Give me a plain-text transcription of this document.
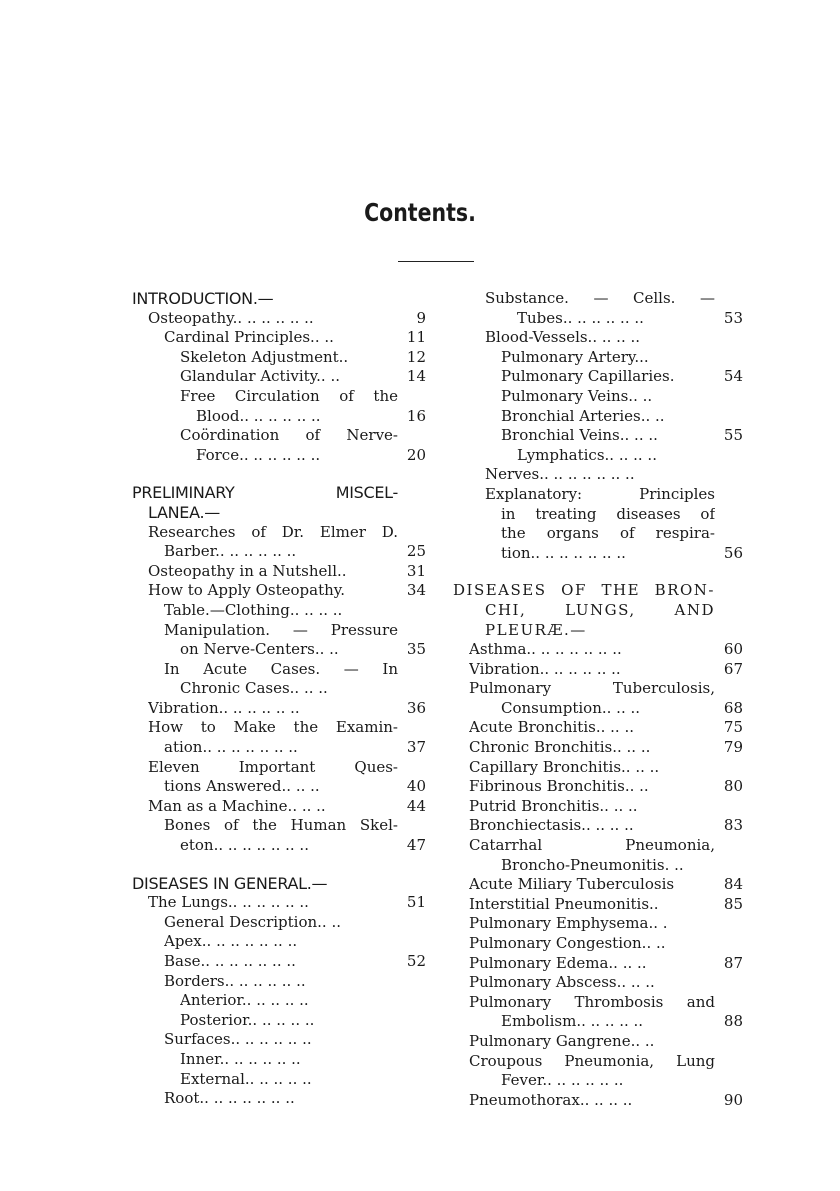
Contents.
INTRODUCTION.—
Osteopathy.. .. .. .. .. ..	9
Cardinal Principles.. ..	11
Skeleton Adjustment..	12
Glandular Activity.. ..	14
Free Circulation of the
Blood.. .. .. .. .. ..	16
Coördination of Nerve-
Force.. .. .. .. .. ..	20
PRELIMINARY MISCEL-
LANEA.—
Researches of Dr. Elmer D.
Barber.. .. .. .. .. ..	25
Osteopathy in a Nutshell..	31
How to Apply Osteopathy.	34
Table.—Clothing.. .. .. ..
Manipulation. — Pressure
on Nerve-Centers.. ..	35
In Acute Cases. — In
Chronic Cases.. .. ..
Vibration.. .. .. .. .. ..	36
How to Make the Examin-
ation.. .. .. .. .. .. ..	37
Eleven Important Ques-
tions Answered.. .. ..	40
Man as a Machine.. .. ..	44
Bones of the Human Skel-
eton.. .. .. .. .. .. ..	47
DISEASES IN GENERAL.—
The Lungs.. .. .. .. .. ..	51
General Description.. ..
Apex.. .. .. .. .. .. ..
Base.. .. .. .. .. .. ..	52
Borders.. .. .. .. .. ..
Anterior.. .. .. .. ..
Posterior.. .. .. .. ..
Surfaces.. .. .. .. .. ..
Inner.. .. .. .. .. ..
External.. .. .. .. ..
Root.. .. .. .. .. .. ..
Substance. — Cells. —
Tubes.. .. .. .. .. ..	53
Blood-Vessels.. .. .. ..
Pulmonary Artery...
Pulmonary Capillaries.	54
Pulmonary Veins.. ..
Bronchial Arteries.. ..
Bronchial Veins.. .. ..	55
Lymphatics.. .. .. ..
Nerves.. .. .. .. .. .. ..
Explanatory: Principles
in treating diseases of
the organs of respira-
tion.. .. .. .. .. .. ..	56
DISEASES OF THE BRON-
CHI, LUNGS, AND
PLEURÆ.—
Asthma.. .. .. .. .. .. ..	60
Vibration.. .. .. .. .. ..	67
Pulmonary Tuberculosis,
Consumption.. .. ..	68
Acute Bronchitis.. .. ..	75
Chronic Bronchitis.. .. ..	79
Capillary Bronchitis.. .. ..
Fibrinous Bronchitis.. ..	80
Putrid Bronchitis.. .. ..
Bronchiectasis.. .. .. ..	83
Catarrhal Pneumonia,
Broncho-Pneumonitis. ..
Acute Miliary Tuberculosis	84
Interstitial Pneumonitis..	85
Pulmonary Emphysema.. .
Pulmonary Congestion.. ..
Pulmonary Edema.. .. ..	87
Pulmonary Abscess.. .. ..
Pulmonary Thrombosis and
Embolism.. .. .. .. ..	88
Pulmonary Gangrene.. ..
Croupous Pneumonia, Lung
Fever.. .. .. .. .. ..
Pneumothorax.. .. .. ..	90
